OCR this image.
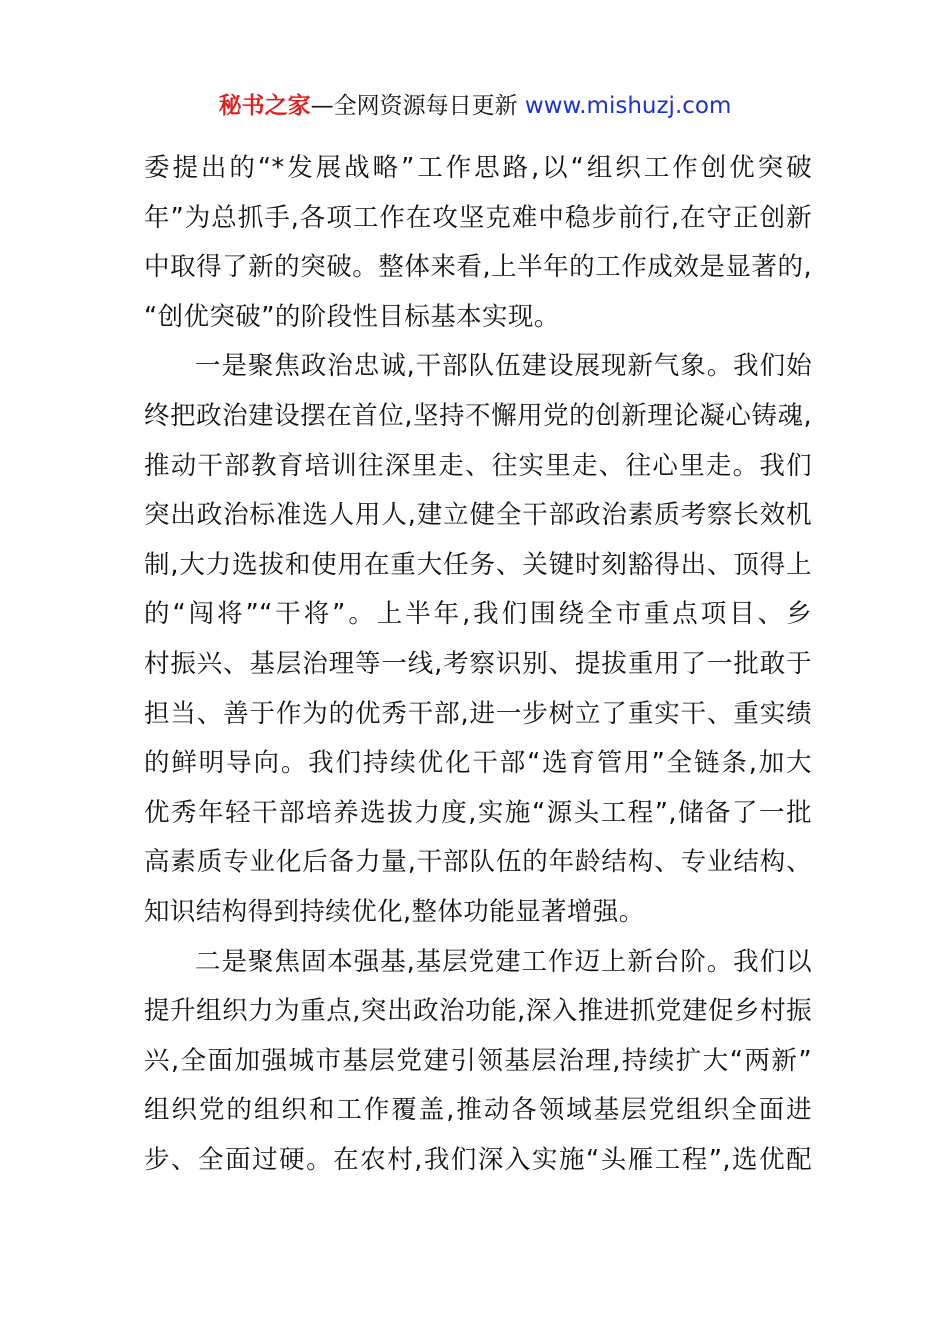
秘书之家—全网资源每日更新 www.mishuzj.com
委提出的“*发展战略”工作思路,以“组织工作创优突破
年”为总抓手,各项工作在攻坚克难中稳步前行,在守正创新
中取得了新的突破。整体来看,上半年的工作成效是显著的,
“创优突破”的阶段性目标基本实现。
一是聚焦政治忠诚,干部队伍建设展现新气象。我们始
终把政治建设摆在首位,坚持不懈用党的创新理论凝心铸魂,
推动干部教育培训往深里走、往实里走、往心里走。我们
突出政治标准选人用人,建立健全干部政治素质考察长效机
制,大力选拔和使用在重大任务、关键时刻豁得出、顶得上
的“闯将”“干将”。上半年,我们围绕全市重点项目、乡
村振兴、基层治理等一线,考察识别、提拔重用了一批敢于
担当、善于作为的优秀干部,进一步树立了重实干、重实绩
的鲜明导向。我们持续优化干部“选育管用”全链条,加大
优秀年轻干部培养选拔力度,实施“源头工程”,储备了一批
高素质专业化后备力量,干部队伍的年龄结构、专业结构、
知识结构得到持续优化,整体功能显著增强。
二是聚焦固本强基,基层党建工作迈上新台阶。我们以
提升组织力为重点,突出政治功能,深入推进抓党建促乡村振
兴,全面加强城市基层党建引领基层治理,持续扩大“两新”
组织党的组织和工作覆盖,推动各领域基层党组织全面进
步、全面过硬。在农村,我们深入实施“头雁工程”,选优配
